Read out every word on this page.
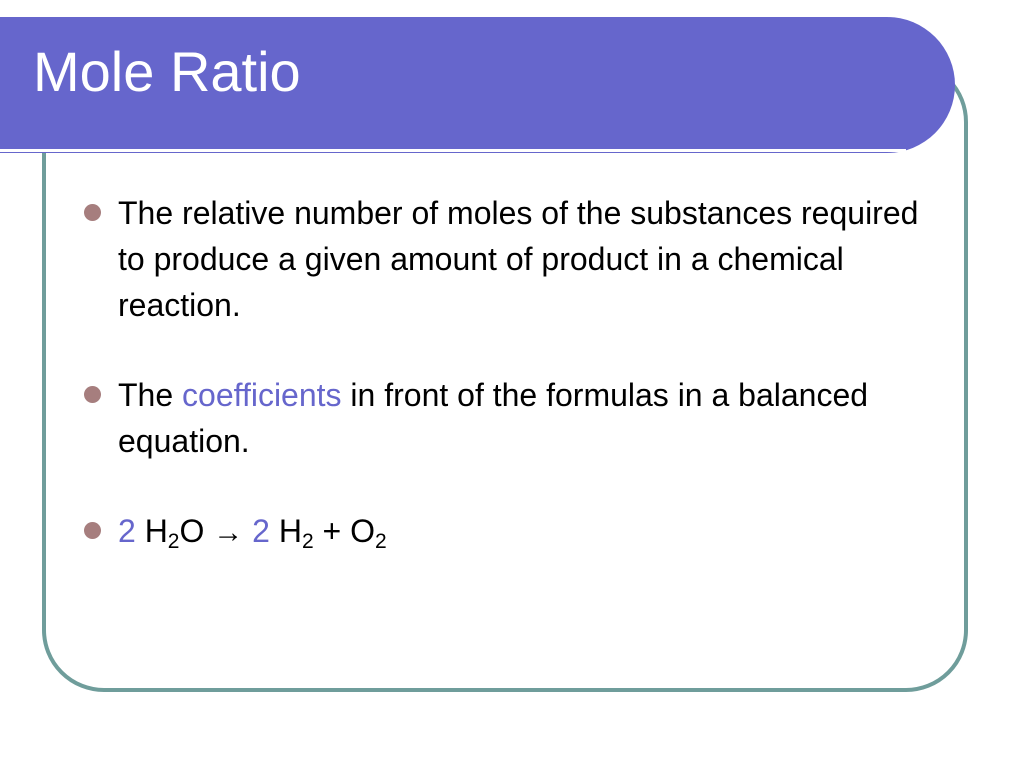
Mole Ratio
The relative number of moles of the substances required to produce a given amount of product in a chemical reaction.
The coefficients in front of the formulas in a balanced equation.
2 $H_2O \to 2$ $H_2 + O_2$
